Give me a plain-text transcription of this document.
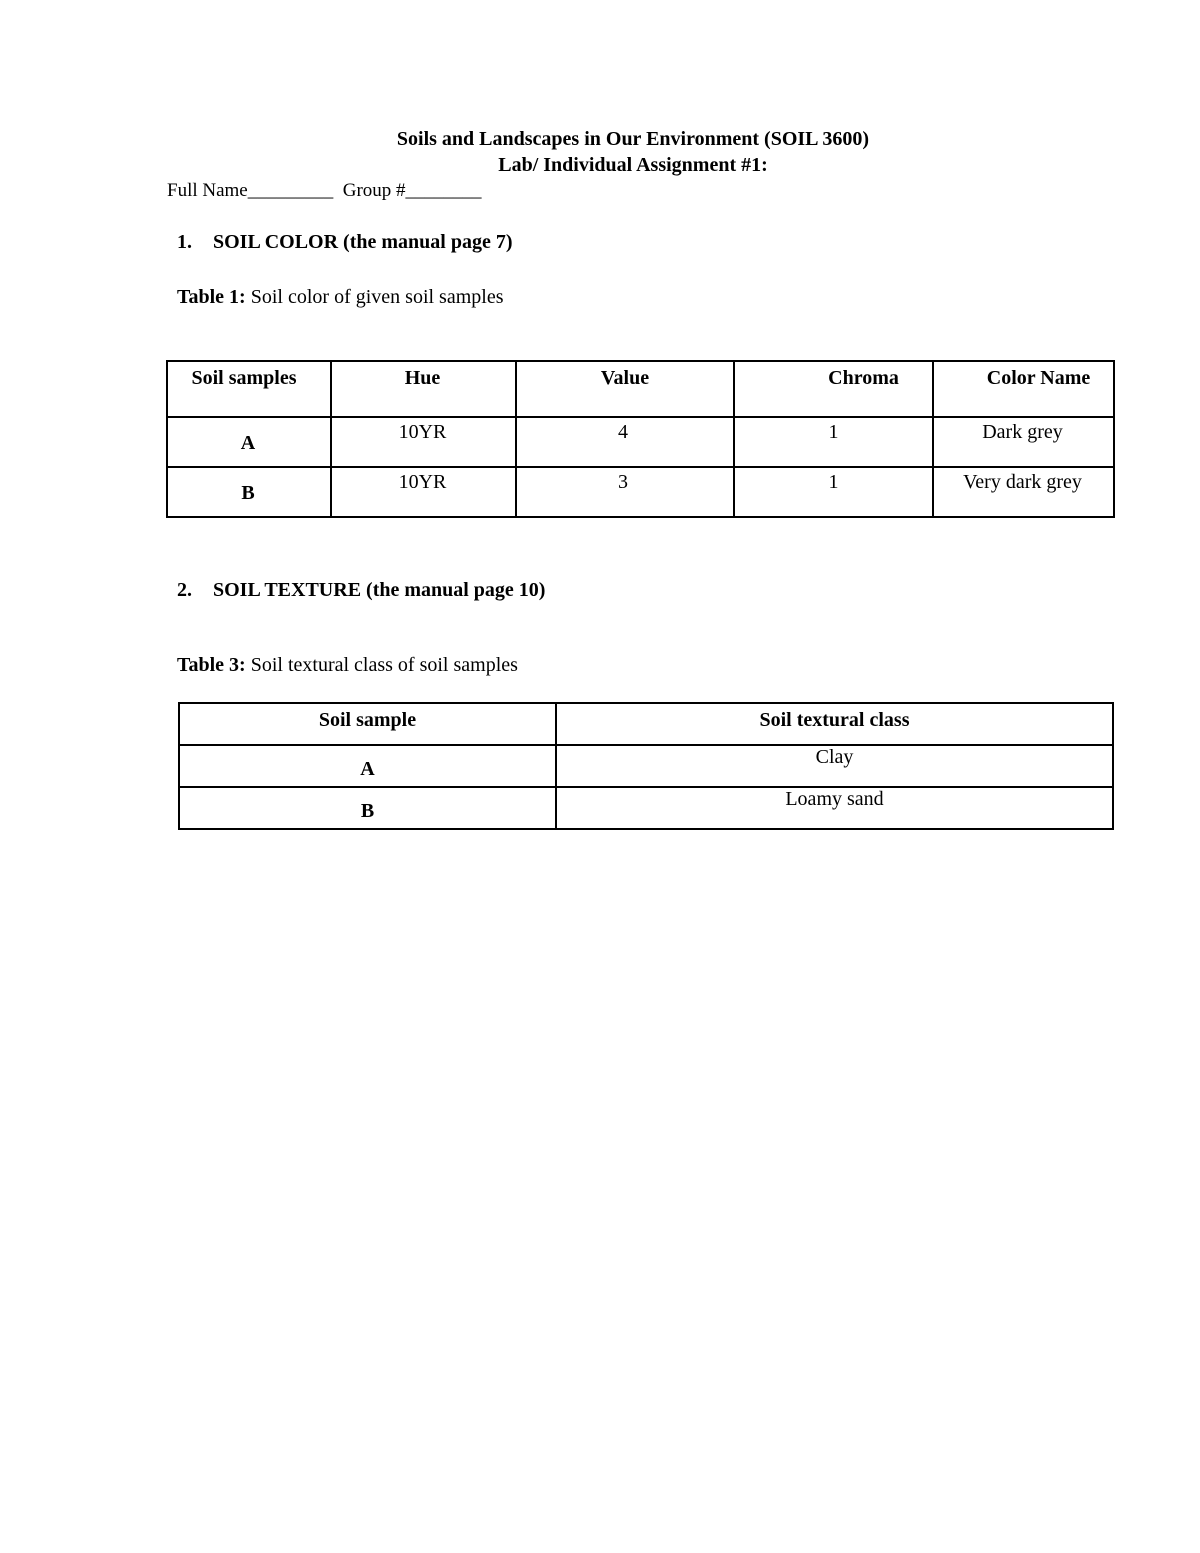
Soils and Landscapes in Our Environment (SOIL 3600)
Lab/ Individual Assignment #1:
Full Name_________  Group #________
1. SOIL COLOR (the manual page 7)
Table 1: Soil color of given soil samples
Soil samples	Hue	Value	Chroma	Color Name
A	10YR	4	1	Dark grey
B	10YR	3	1	Very dark grey
2. SOIL TEXTURE (the manual page 10)
Table 3: Soil textural class of soil samples
Soil sample	Soil textural class
A	Clay
B	Loamy sand
